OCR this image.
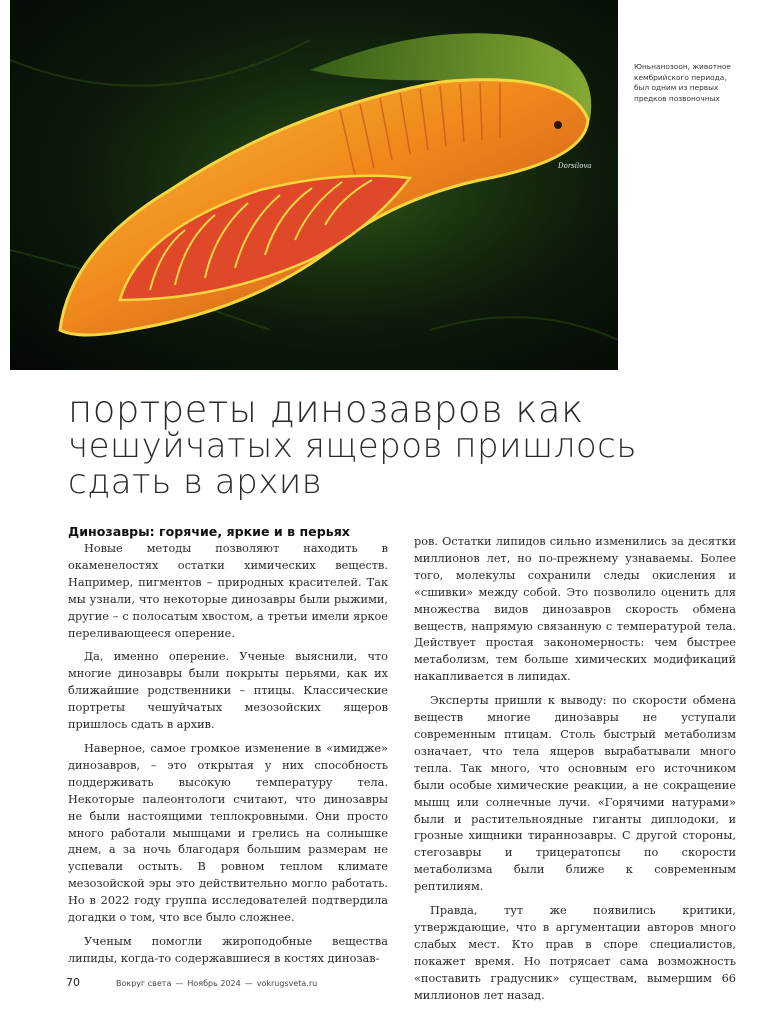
Dorsilova
Юньнанозоон, животное кембрийского периода, был одним из первых предков позвоночных
портреты динозавров как
чешуйчатых ящеров пришлось
сдать в архив
Динозавры: горячие, яркие и в перьях

Новые методы позволяют находить в окаменелостях остатки химических веществ. Например, пигментов – природных красителей. Так мы узнали, что некоторые динозавры были рыжими, другие – с полосатым хвостом, а третьи имели яркое переливающееся оперение.

Да, именно оперение. Ученые выяснили, что многие динозавры были покрыты перьями, как их ближайшие родственники – птицы. Классические портреты чешуйчатых мезозойских ящеров пришлось сдать в архив.

Наверное, самое громкое изменение в «имидже» динозавров, – это открытая у них способность поддерживать высокую температуру тела. Некоторые палеонтологи считают, что динозавры не были настоящими теплокровными. Они просто много работали мышцами и грелись на солнышке днем, а за ночь благодаря большим размерам не успевали остыть. В ровном теплом климате мезозойской эры это действительно могло работать. Но в 2022 году группа исследователей подтвердила догадки о том, что все было сложнее.

Ученым помогли жироподобные вещества липиды, когда-то содержавшиеся в костях динозав-

ров. Остатки липидов сильно изменились за десятки миллионов лет, но по-прежнему узнаваемы. Более того, молекулы сохранили следы окисления и «сшивки» между собой. Это позволило оценить для множества видов динозавров скорость обмена веществ, напрямую связанную с температурой тела. Действует простая закономерность: чем быстрее метаболизм, тем больше химических модификаций накапливается в липидах.

Эксперты пришли к выводу: по скорости обмена веществ многие динозавры не уступали современным птицам. Столь быстрый метаболизм означает, что тела ящеров вырабатывали много тепла. Так много, что основным его источником были особые химические реакции, а не сокращение мышц или солнечные лучи. «Горячими натурами» были и растительноядные гиганты диплодоки, и грозные хищники тираннозавры. С другой стороны, стегозавры и трицератопсы по скорости метаболизма были ближе к современным рептилиям.

Правда, тут же появились критики, утверждающие, что в аргументации авторов много слабых мест. Кто прав в споре специалистов, покажет время. Но потрясает сама возможность «поставить градусник» существам, вымершим 66 миллионов лет назад.

70	Вокруг света — Ноябрь 2024 — vokrugsveta.ru
